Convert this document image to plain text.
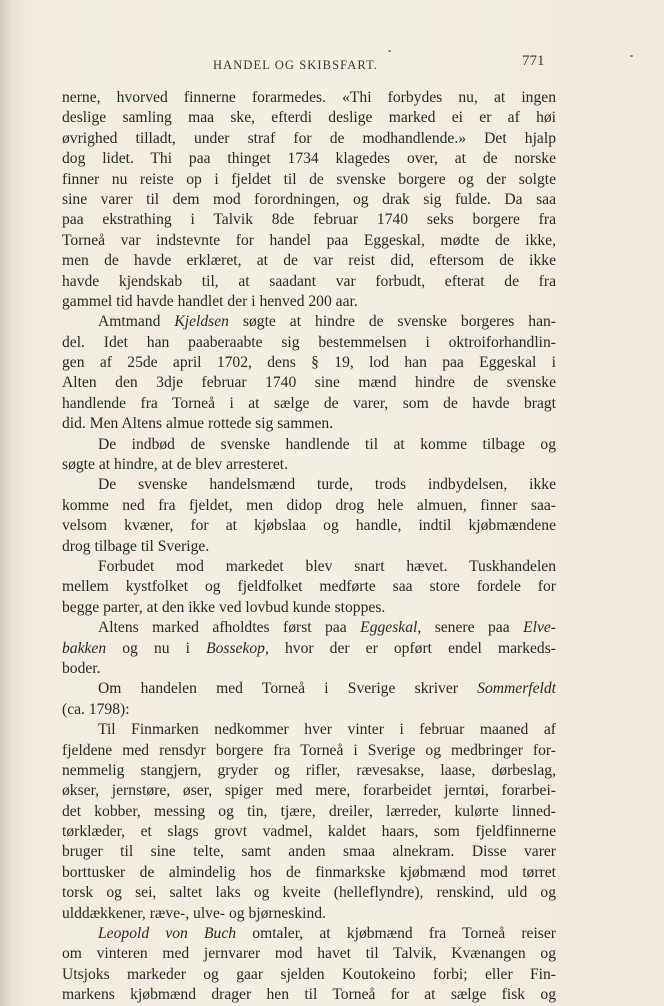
HANDEL OG SKIBSFART.	771
nerne, hvorved finnerne forarmedes. «Thi forbydes nu, at ingen
deslige samling maa ske, efterdi deslige marked ei er af høi
øvrighed tilladt, under straf for de modhandlende.» Det hjalp
dog lidet. Thi paa thinget 1734 klagedes over, at de norske
finner nu reiste op i fjeldet til de svenske borgere og der solgte
sine varer til dem mod forordningen, og drak sig fulde. Da saa
paa ekstrathing i Talvik 8de februar 1740 seks borgere fra
Torneå var indstevnte for handel paa Eggeskal, mødte de ikke,
men de havde erklæret, at de var reist did, eftersom de ikke
havde kjendskab til, at saadant var forbudt, efterat de fra
gammel tid havde handlet der i henved 200 aar.
Amtmand Kjeldsen søgte at hindre de svenske borgeres han-
del. Idet han paaberaabte sig bestemmelsen i oktroiforhandlin-
gen af 25de april 1702, dens § 19, lod han paa Eggeskal i
Alten den 3dje februar 1740 sine mænd hindre de svenske
handlende fra Torneå i at sælge de varer, som de havde bragt
did. Men Altens almue rottede sig sammen.
De indbød de svenske handlende til at komme tilbage og
søgte at hindre, at de blev arresteret.
De svenske handelsmænd turde, trods indbydelsen, ikke
komme ned fra fjeldet, men didop drog hele almuen, finner saa-
velsom kvæner, for at kjøbslaa og handle, indtil kjøbmændene
drog tilbage til Sverige.
Forbudet mod markedet blev snart hævet. Tuskhandelen
mellem kystfolket og fjeldfolket medførte saa store fordele for
begge parter, at den ikke ved lovbud kunde stoppes.
Altens marked afholdtes først paa Eggeskal, senere paa Elve-
bakken og nu i Bossekop, hvor der er opført endel markeds-
boder.
Om handelen med Torneå i Sverige skriver Sommerfeldt
(ca. 1798):
Til Finmarken nedkommer hver vinter i februar maaned af
fjeldene med rensdyr borgere fra Torneå i Sverige og medbringer for-
nemmelig stangjern, gryder og rifler, rævesakse, laase, dørbeslag,
økser, jernstøre, øser, spiger med mere, forarbeidet jerntøi, forarbei-
det kobber, messing og tin, tjære, dreiler, lærreder, kulørte linned-
tørklæder, et slags grovt vadmel, kaldet haars, som fjeldfinnerne
bruger til sine telte, samt anden smaa alnekram. Disse varer
borttusker de almindelig hos de finmarkske kjøbmænd mod tørret
torsk og sei, saltet laks og kveite (helleflyndre), renskind, uld og
ulddækkener, ræve-, ulve- og bjørneskind.
Leopold von Buch omtaler, at kjøbmænd fra Torneå reiser
om vinteren med jernvarer mod havet til Talvik, Kvænangen og
Utsjoks markeder og gaar sjelden Koutokeino forbi; eller Fin-
markens kjøbmænd drager hen til Torneå for at sælge fisk og
